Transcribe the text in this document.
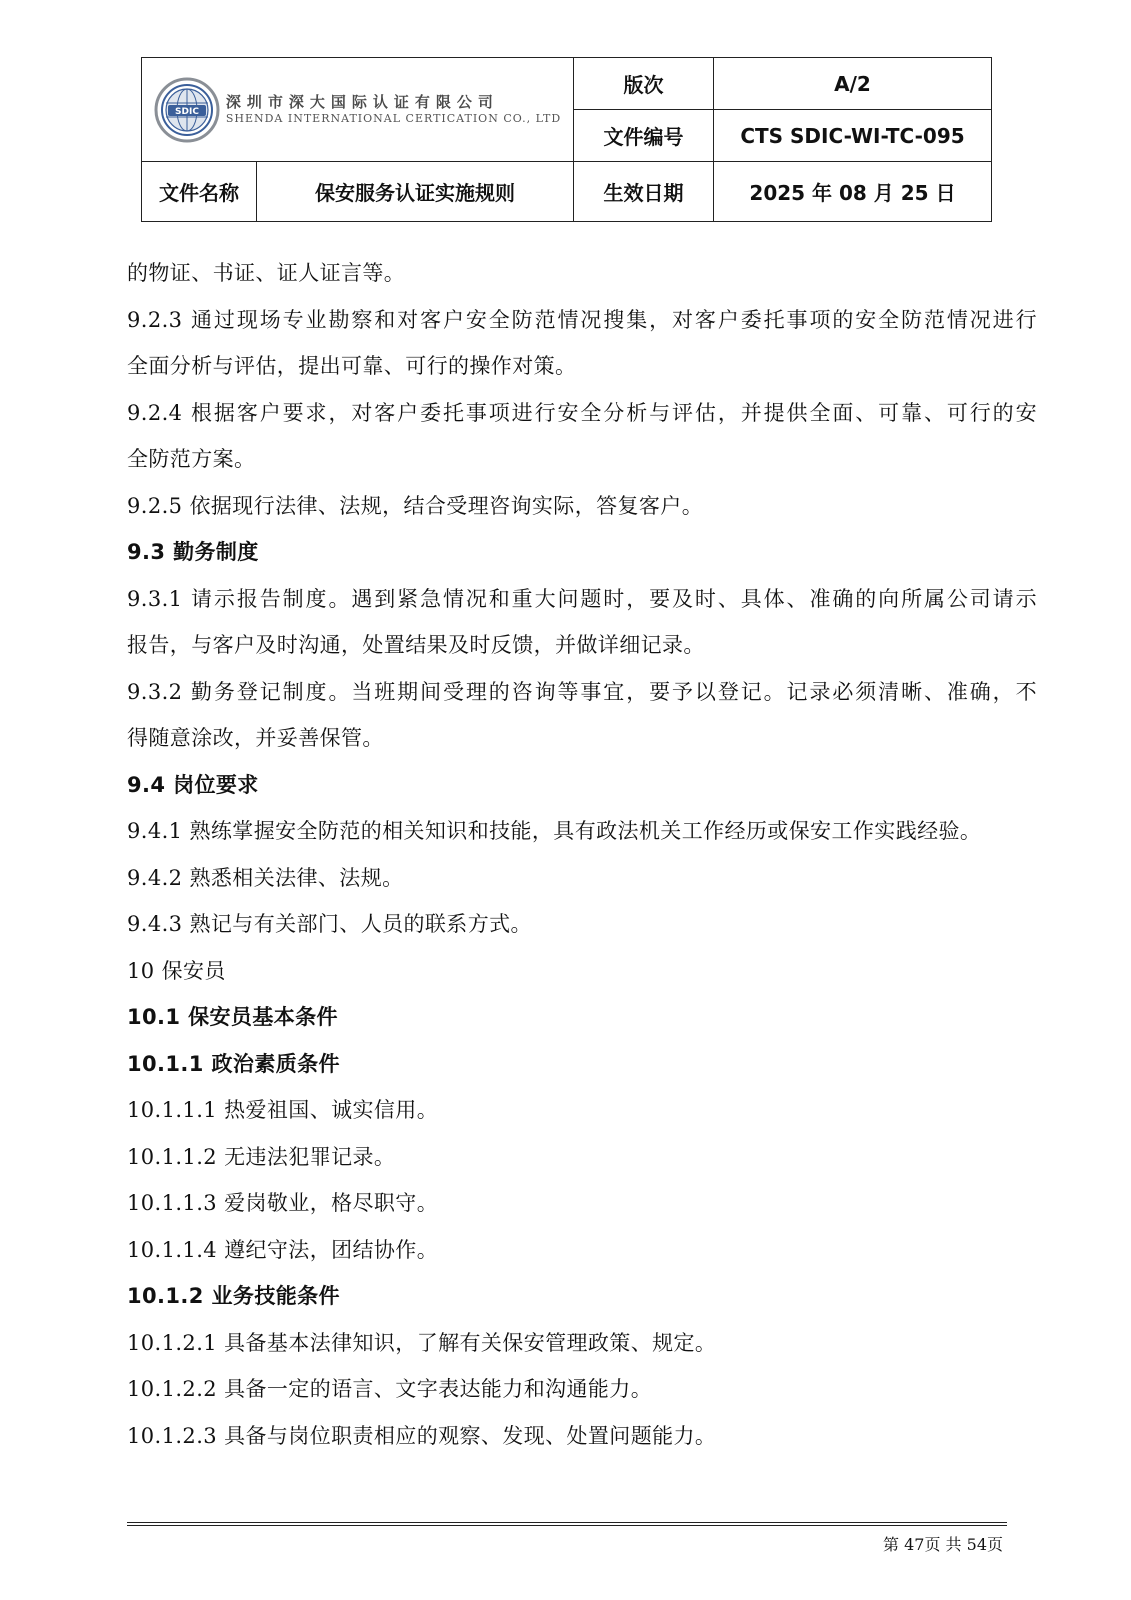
SDIC
深圳市深大国际认证有限公司
SHENDA INTERNATIONAL CERTICATION CO., LTD		版次	A/2
		文件编号	CTS SDIC-WI-TC-095
文件名称	保安服务认证实施规则	生效日期	2025 年 08 月 25 日
的物证、书证、证人证言等。
9.2.3 通过现场专业勘察和对客户安全防范情况搜集，对客户委托事项的安全防范情况进行
全面分析与评估，提出可靠、可行的操作对策。
9.2.4 根据客户要求，对客户委托事项进行安全分析与评估，并提供全面、可靠、可行的安
全防范方案。
9.2.5 依据现行法律、法规，结合受理咨询实际，答复客户。
9.3 勤务制度
9.3.1 请示报告制度。遇到紧急情况和重大问题时，要及时、具体、准确的向所属公司请示
报告，与客户及时沟通，处置结果及时反馈，并做详细记录。
9.3.2 勤务登记制度。当班期间受理的咨询等事宜，要予以登记。记录必须清晰、准确，不
得随意涂改，并妥善保管。
9.4 岗位要求
9.4.1 熟练掌握安全防范的相关知识和技能，具有政法机关工作经历或保安工作实践经验。
9.4.2 熟悉相关法律、法规。
9.4.3 熟记与有关部门、人员的联系方式。
10 保安员
10.1 保安员基本条件
10.1.1 政治素质条件
10.1.1.1 热爱祖国、诚实信用。
10.1.1.2 无违法犯罪记录。
10.1.1.3 爱岗敬业，格尽职守。
10.1.1.4 遵纪守法，团结协作。
10.1.2 业务技能条件
10.1.2.1 具备基本法律知识，了解有关保安管理政策、规定。
10.1.2.2 具备一定的语言、文字表达能力和沟通能力。
10.1.2.3 具备与岗位职责相应的观察、发现、处置问题能力。
第 47页 共 54页
